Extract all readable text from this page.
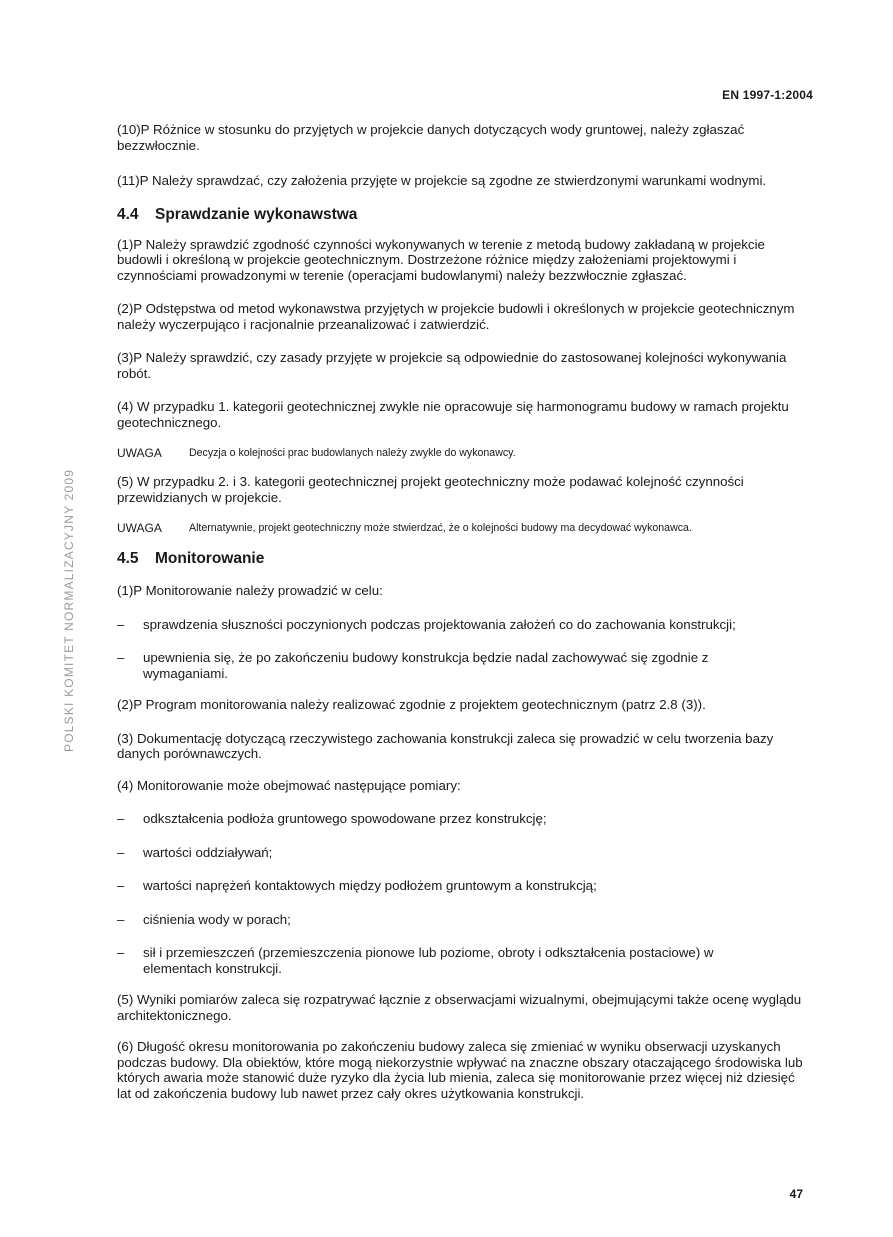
EN 1997-1:2004
POLSKI KOMITET NORMALIZACYJNY 2009

(10)P Różnice w stosunku do przyjętych w projekcie danych dotyczących wody gruntowej, należy zgłaszać bezzwłocznie.

(11)P Należy sprawdzać, czy założenia przyjęte w projekcie są zgodne ze stwierdzonymi warunkami wodnymi.

4.4 Sprawdzanie wykonawstwa

(1)P Należy sprawdzić zgodność czynności wykonywanych w terenie z metodą budowy zakładaną w projekcie budowli i określoną w projekcie geotechnicznym. Dostrzeżone różnice między założeniami projektowymi i czynnościami prowadzonymi w terenie (operacjami budowlanymi) należy bezzwłocznie zgłaszać.

(2)P Odstępstwa od metod wykonawstwa przyjętych w projekcie budowli i określonych w projekcie geotechnicznym należy wyczerpująco i racjonalnie przeanalizować i zatwierdzić.

(3)P Należy sprawdzić, czy zasady przyjęte w projekcie są odpowiednie do zastosowanej kolejności wykonywania robót.

(4) W przypadku 1. kategorii geotechnicznej zwykle nie opracowuje się harmonogramu budowy w ramach projektu geotechnicznego.

UWAGA	Decyzja o kolejności prac budowlanych należy zwykle do wykonawcy.

(5) W przypadku 2. i 3. kategorii geotechnicznej projekt geotechniczny może podawać kolejność czynności przewidzianych w projekcie.

UWAGA	Alternatywnie, projekt geotechniczny może stwierdzać, że o kolejności budowy ma decydować wykonawca.
4.5 Monitorowanie

(1)P Monitorowanie należy prowadzić w celu:

–	sprawdzenia słuszności poczynionych podczas projektowania założeń co do zachowania konstrukcji;
–	upewnienia się, że po zakończeniu budowy konstrukcja będzie nadal zachowywać się zgodnie z wymaganiami.

(2)P Program monitorowania należy realizować zgodnie z projektem geotechnicznym (patrz 2.8 (3)).

(3) Dokumentację dotyczącą rzeczywistego zachowania konstrukcji zaleca się prowadzić w celu tworzenia bazy danych porównawczych.

(4) Monitorowanie może obejmować następujące pomiary:

–	odkształcenia podłoża gruntowego spowodowane przez konstrukcję;
–	wartości oddziaływań;
–	wartości naprężeń kontaktowych między podłożem gruntowym a konstrukcją;
–	ciśnienia wody w porach;
–	sił i przemieszczeń (przemieszczenia pionowe lub poziome, obroty i odkształcenia postaciowe) w elementach konstrukcji.

(5) Wyniki pomiarów zaleca się rozpatrywać łącznie z obserwacjami wizualnymi, obejmującymi także ocenę wyglądu architektonicznego.

(6) Długość okresu monitorowania po zakończeniu budowy zaleca się zmieniać w wyniku obserwacji uzyskanych podczas budowy. Dla obiektów, które mogą niekorzystnie wpływać na znaczne obszary otaczającego środowiska lub których awaria może stanowić duże ryzyko dla życia lub mienia, zaleca się monitorowanie przez więcej niż dziesięć lat od zakończenia budowy lub nawet przez cały okres użytkowania konstrukcji.

47
